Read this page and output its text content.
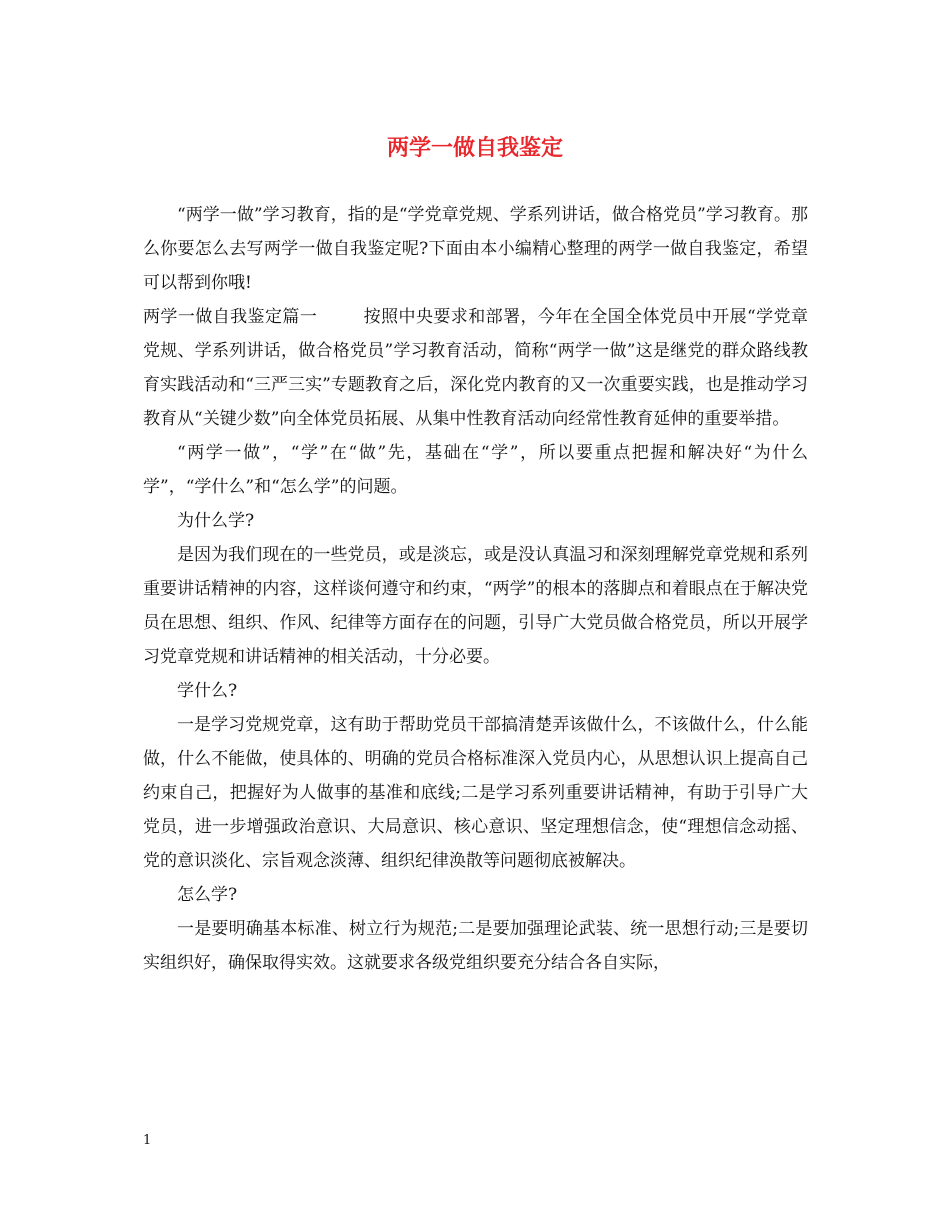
两学一做自我鉴定

“两学一做”学习教育，指的是“学党章党规、学系列讲话，做合格党员”学习教育。那么你要怎么去写两学一做自我鉴定呢?下面由本小编精心整理的两学一做自我鉴定，希望可以帮到你哦!

两学一做自我鉴定篇一	按照中央要求和部署，今年在全国全体党员中开展“学党章党规、学系列讲话，做合格党员”学习教育活动，简称“两学一做”这是继党的群众路线教育实践活动和“三严三实”专题教育之后，深化党内教育的又一次重要实践，也是推动学习教育从“关键少数”向全体党员拓展、从集中性教育活动向经常性教育延伸的重要举措。

“两学一做”，“学”在“做”先，基础在“学”，所以要重点把握和解决好“为什么学”，“学什么”和“怎么学”的问题。

为什么学?

是因为我们现在的一些党员，或是淡忘，或是没认真温习和深刻理解党章党规和系列重要讲话精神的内容，这样谈何遵守和约束，“两学”的根本的落脚点和着眼点在于解决党员在思想、组织、作风、纪律等方面存在的问题，引导广大党员做合格党员，所以开展学习党章党规和讲话精神的相关活动，十分必要。

学什么?

一是学习党规党章，这有助于帮助党员干部搞清楚弄该做什么，不该做什么，什么能做，什么不能做，使具体的、明确的党员合格标准深入党员内心，从思想认识上提高自己约束自己，把握好为人做事的基准和底线;二是学习系列重要讲话精神，有助于引导广大党员，进一步增强政治意识、大局意识、核心意识、坚定理想信念，使“理想信念动摇、党的意识淡化、宗旨观念淡薄、组织纪律涣散等问题彻底被解决。

怎么学?

一是要明确基本标准、树立行为规范;二是要加强理论武装、统一思想行动;三是要切实组织好，确保取得实效。这就要求各级党组织要充分结合各自实际，

1
